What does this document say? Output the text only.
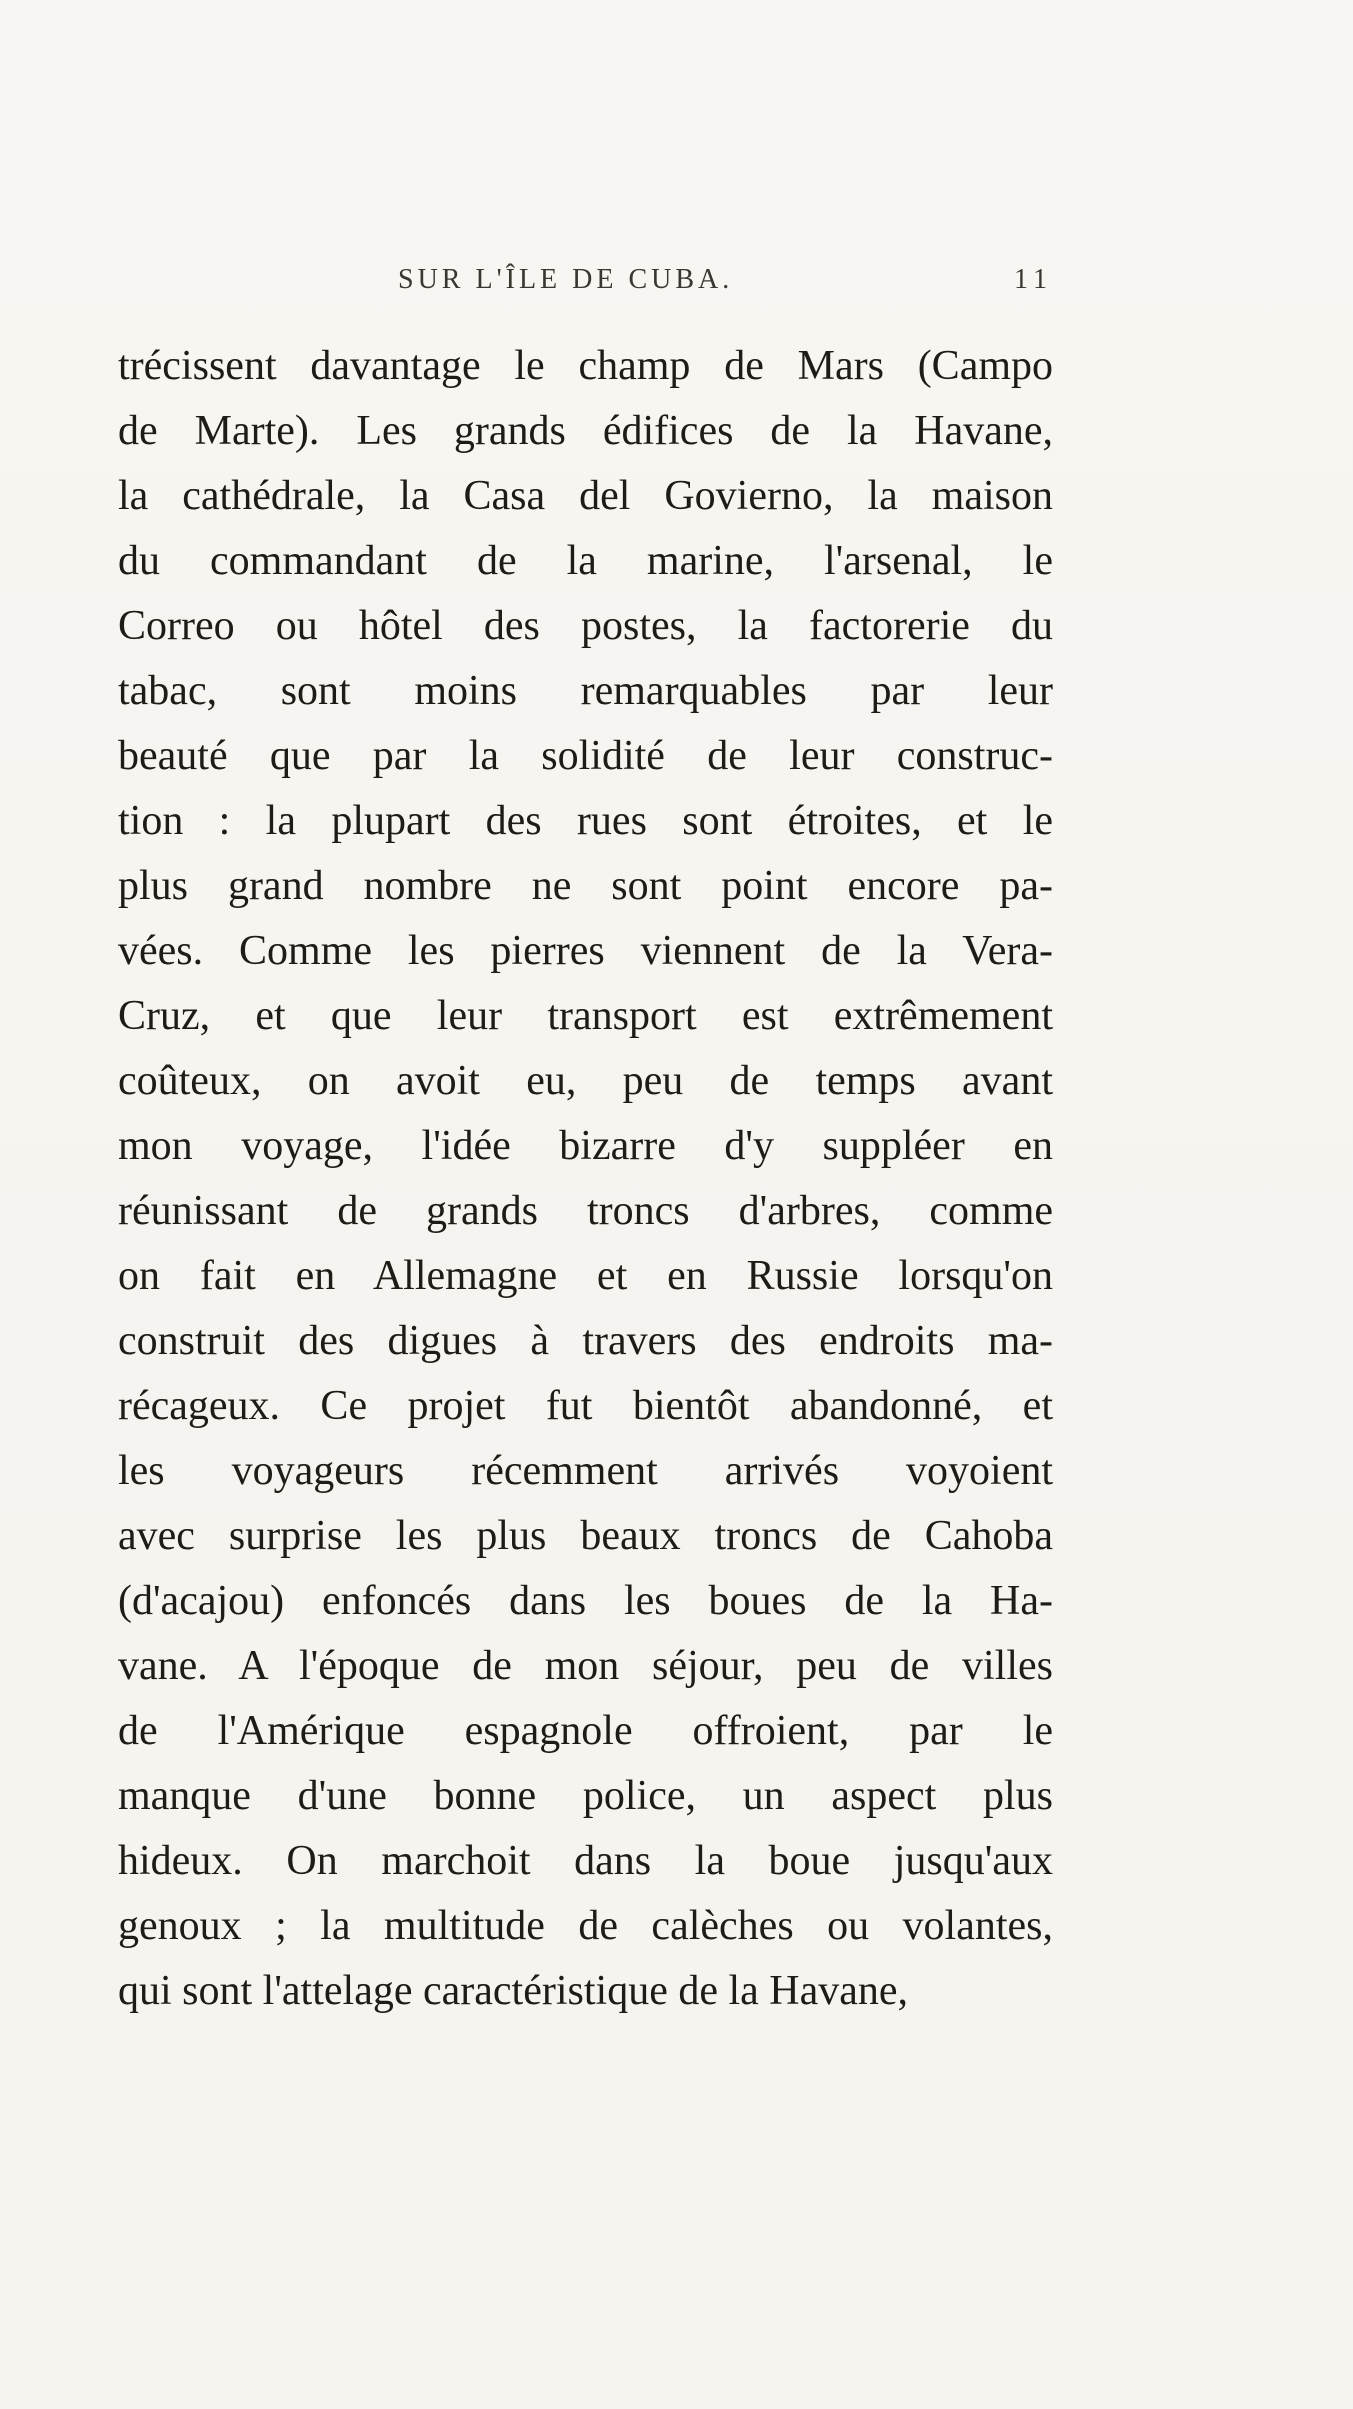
SUR L'ÎLE DE CUBA.	11
trécissent davantage le champ de Mars (Campo
de Marte). Les grands édifices de la Havane,
la cathédrale, la Casa del Govierno, la maison
du commandant de la marine, l'arsenal, le
Correo ou hôtel des postes, la factorerie du
tabac, sont moins remarquables par leur
beauté que par la solidité de leur construc-
tion : la plupart des rues sont étroites, et le
plus grand nombre ne sont point encore pa-
vées. Comme les pierres viennent de la Vera-
Cruz, et que leur transport est extrêmement
coûteux, on avoit eu, peu de temps avant
mon voyage, l'idée bizarre d'y suppléer en
réunissant de grands troncs d'arbres, comme
on fait en Allemagne et en Russie lorsqu'on
construit des digues à travers des endroits ma-
récageux. Ce projet fut bientôt abandonné, et
les voyageurs récemment arrivés voyoient
avec surprise les plus beaux troncs de Cahoba
(d'acajou) enfoncés dans les boues de la Ha-
vane. A l'époque de mon séjour, peu de villes
de l'Amérique espagnole offroient, par le
manque d'une bonne police, un aspect plus
hideux. On marchoit dans la boue jusqu'aux
genoux ; la multitude de calèches ou volantes,
qui sont l'attelage caractéristique de la Havane,
